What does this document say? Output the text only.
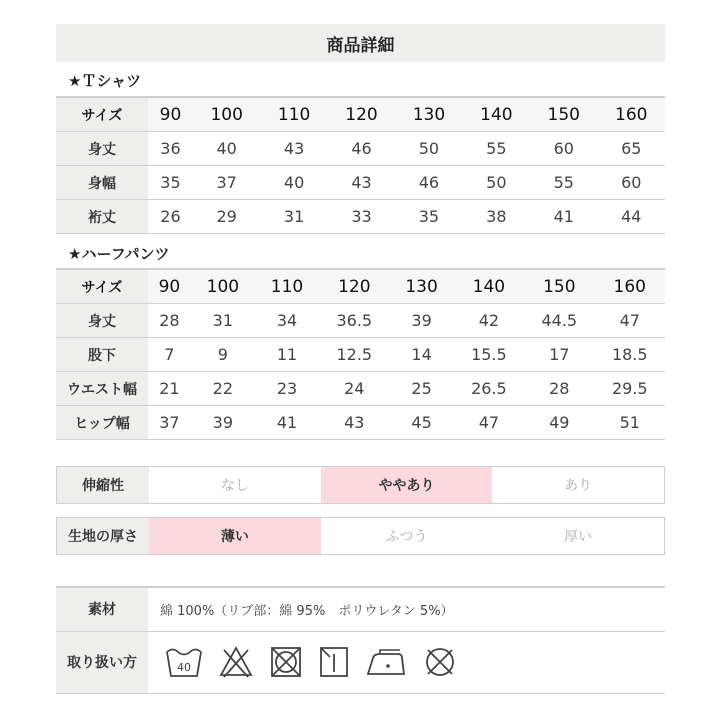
商品詳細
★Ｔシャツ
サイズ	90	100	110	120	130	140	150	160
身丈	36	40	43	46	50	55	60	65
身幅	35	37	40	43	46	50	55	60
裄丈	26	29	31	33	35	38	41	44
★ハーフパンツ
サイズ	90	100	110	120	130	140	150	160
身丈	28	31	34	36.5	39	42	44.5	47
股下	7	9	11	12.5	14	15.5	17	18.5
ウエスト幅	21	22	23	24	25	26.5	28	29.5
ヒップ幅	37	39	41	43	45	47	49	51
伸縮性	なし	ややあり	あり
生地の厚さ	薄い	ふつう	厚い
素材	綿 100%（リブ部：綿 95%　ポリウレタン 5%）
取り扱い方	40
